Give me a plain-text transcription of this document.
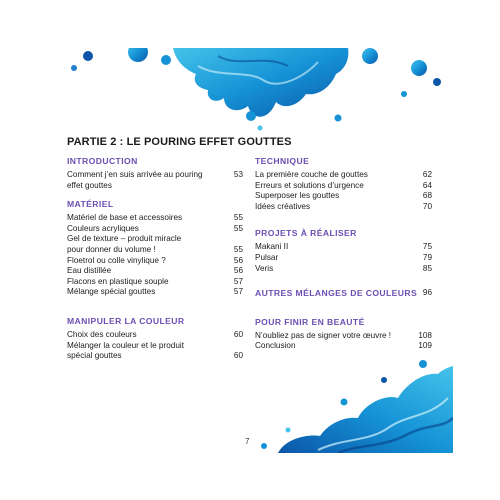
PARTIE 2 : LE POURING EFFET GOUTTES
INTRODUCTION
Comment j’en suis arrivée au pouring
effet gouttes
53
MATÉRIEL
Matériel de base et accessoires	55
Couleurs acryliques	55
Gel de texture – produit miracle
pour donner du volume !	55
Floetrol ou colle vinylique ?	56
Eau distillée	56
Flacons en plastique souple	57
Mélange spécial gouttes	57
MANIPULER LA COULEUR
Choix des couleurs	60
Mélanger la couleur et le produit
spécial gouttes	60
TECHNIQUE
La première couche de gouttes	62
Erreurs et solutions d’urgence	64
Superposer les gouttes	68
Idées créatives	70
PROJETS À RÉALISER
Makani II	75
Pulsar	79
Veris	85
AUTRES MÉLANGES DE COULEURS 96
POUR FINIR EN BEAUTÉ
N’oubliez pas de signer votre œuvre !	108
Conclusion	109
7
